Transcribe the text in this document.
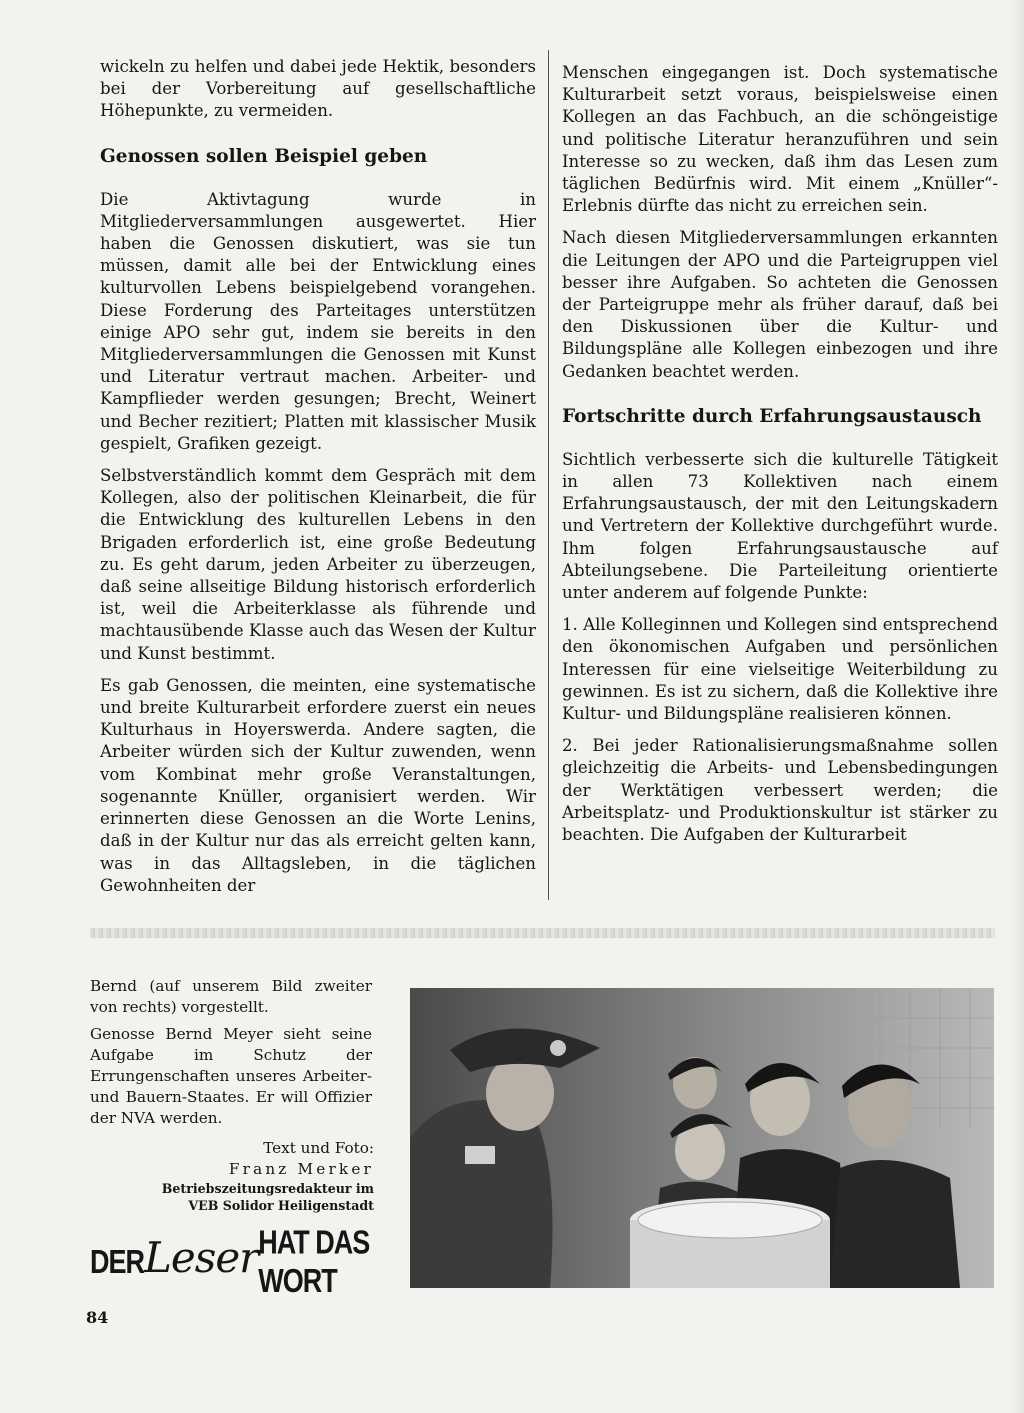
wickeln zu helfen und dabei jede Hektik, besonders bei der Vorbereitung auf gesellschaftliche Höhepunkte, zu vermeiden.

Genossen sollen Beispiel geben

Die Aktivtagung wurde in Mitgliederversammlungen ausgewertet. Hier haben die Genossen diskutiert, was sie tun müssen, damit alle bei der Entwicklung eines kulturvollen Lebens beispielgebend vorangehen. Diese Forderung des Parteitages unterstützen einige APO sehr gut, indem sie bereits in den Mitgliederversammlungen die Genossen mit Kunst und Literatur vertraut machen. Arbeiter- und Kampflieder werden gesungen; Brecht, Weinert und Becher rezitiert; Platten mit klassischer Musik gespielt, Grafiken gezeigt.

Selbstverständlich kommt dem Gespräch mit dem Kollegen, also der politischen Kleinarbeit, die für die Entwicklung des kulturellen Lebens in den Brigaden erforderlich ist, eine große Bedeutung zu. Es geht darum, jeden Arbeiter zu überzeugen, daß seine allseitige Bildung historisch erforderlich ist, weil die Arbeiterklasse als führende und machtausübende Klasse auch das Wesen der Kultur und Kunst bestimmt.

Es gab Genossen, die meinten, eine systematische und breite Kulturarbeit erfordere zuerst ein neues Kulturhaus in Hoyerswerda. Andere sagten, die Arbeiter würden sich der Kultur zuwenden, wenn vom Kombinat mehr große Veranstaltungen, sogenannte Knüller, organisiert werden. Wir erinnerten diese Genossen an die Worte Lenins, daß in der Kultur nur das als erreicht gelten kann, was in das Alltagsleben, in die täglichen Gewohnheiten der

Menschen eingegangen ist. Doch systematische Kulturarbeit setzt voraus, beispielsweise einen Kollegen an das Fachbuch, an die schöngeistige und politische Literatur heranzuführen und sein Interesse so zu wecken, daß ihm das Lesen zum täglichen Bedürfnis wird. Mit einem „Knüller“-Erlebnis dürfte das nicht zu erreichen sein.

Nach diesen Mitgliederversammlungen erkannten die Leitungen der APO und die Parteigruppen viel besser ihre Aufgaben. So achteten die Genossen der Parteigruppe mehr als früher darauf, daß bei den Diskussionen über die Kultur- und Bildungspläne alle Kollegen einbezogen und ihre Gedanken beachtet werden.

Fortschritte durch Erfahrungsaustausch

Sichtlich verbesserte sich die kulturelle Tätigkeit in allen 73 Kollektiven nach einem Erfahrungsaustausch, der mit den Leitungskadern und Vertretern der Kollektive durchgeführt wurde. Ihm folgen Erfahrungsaustausche auf Abteilungsebene. Die Parteileitung orientierte unter anderem auf folgende Punkte:

1. Alle Kolleginnen und Kollegen sind entsprechend den ökonomischen Aufgaben und persönlichen Interessen für eine vielseitige Weiterbildung zu gewinnen. Es ist zu sichern, daß die Kollektive ihre Kultur- und Bildungspläne realisieren können.

2. Bei jeder Rationalisierungsmaßnahme sollen gleichzeitig die Arbeits- und Lebensbedingungen der Werktätigen verbessert werden; die Arbeitsplatz- und Produktionskultur ist stärker zu beachten. Die Aufgaben der Kulturarbeit

Bernd (auf unserem Bild zweiter von rechts) vorgestellt.

Genosse Bernd Meyer sieht seine Aufgabe im Schutz der Errungenschaften unseres Arbeiter- und Bauern-Staates. Er will Offizier der NVA werden.

Text und Foto:
Franz Merker
Betriebszeitungsredakteur im
VEB Solidor Heiligenstadt
DER Leser HAT DAS WORT
84
